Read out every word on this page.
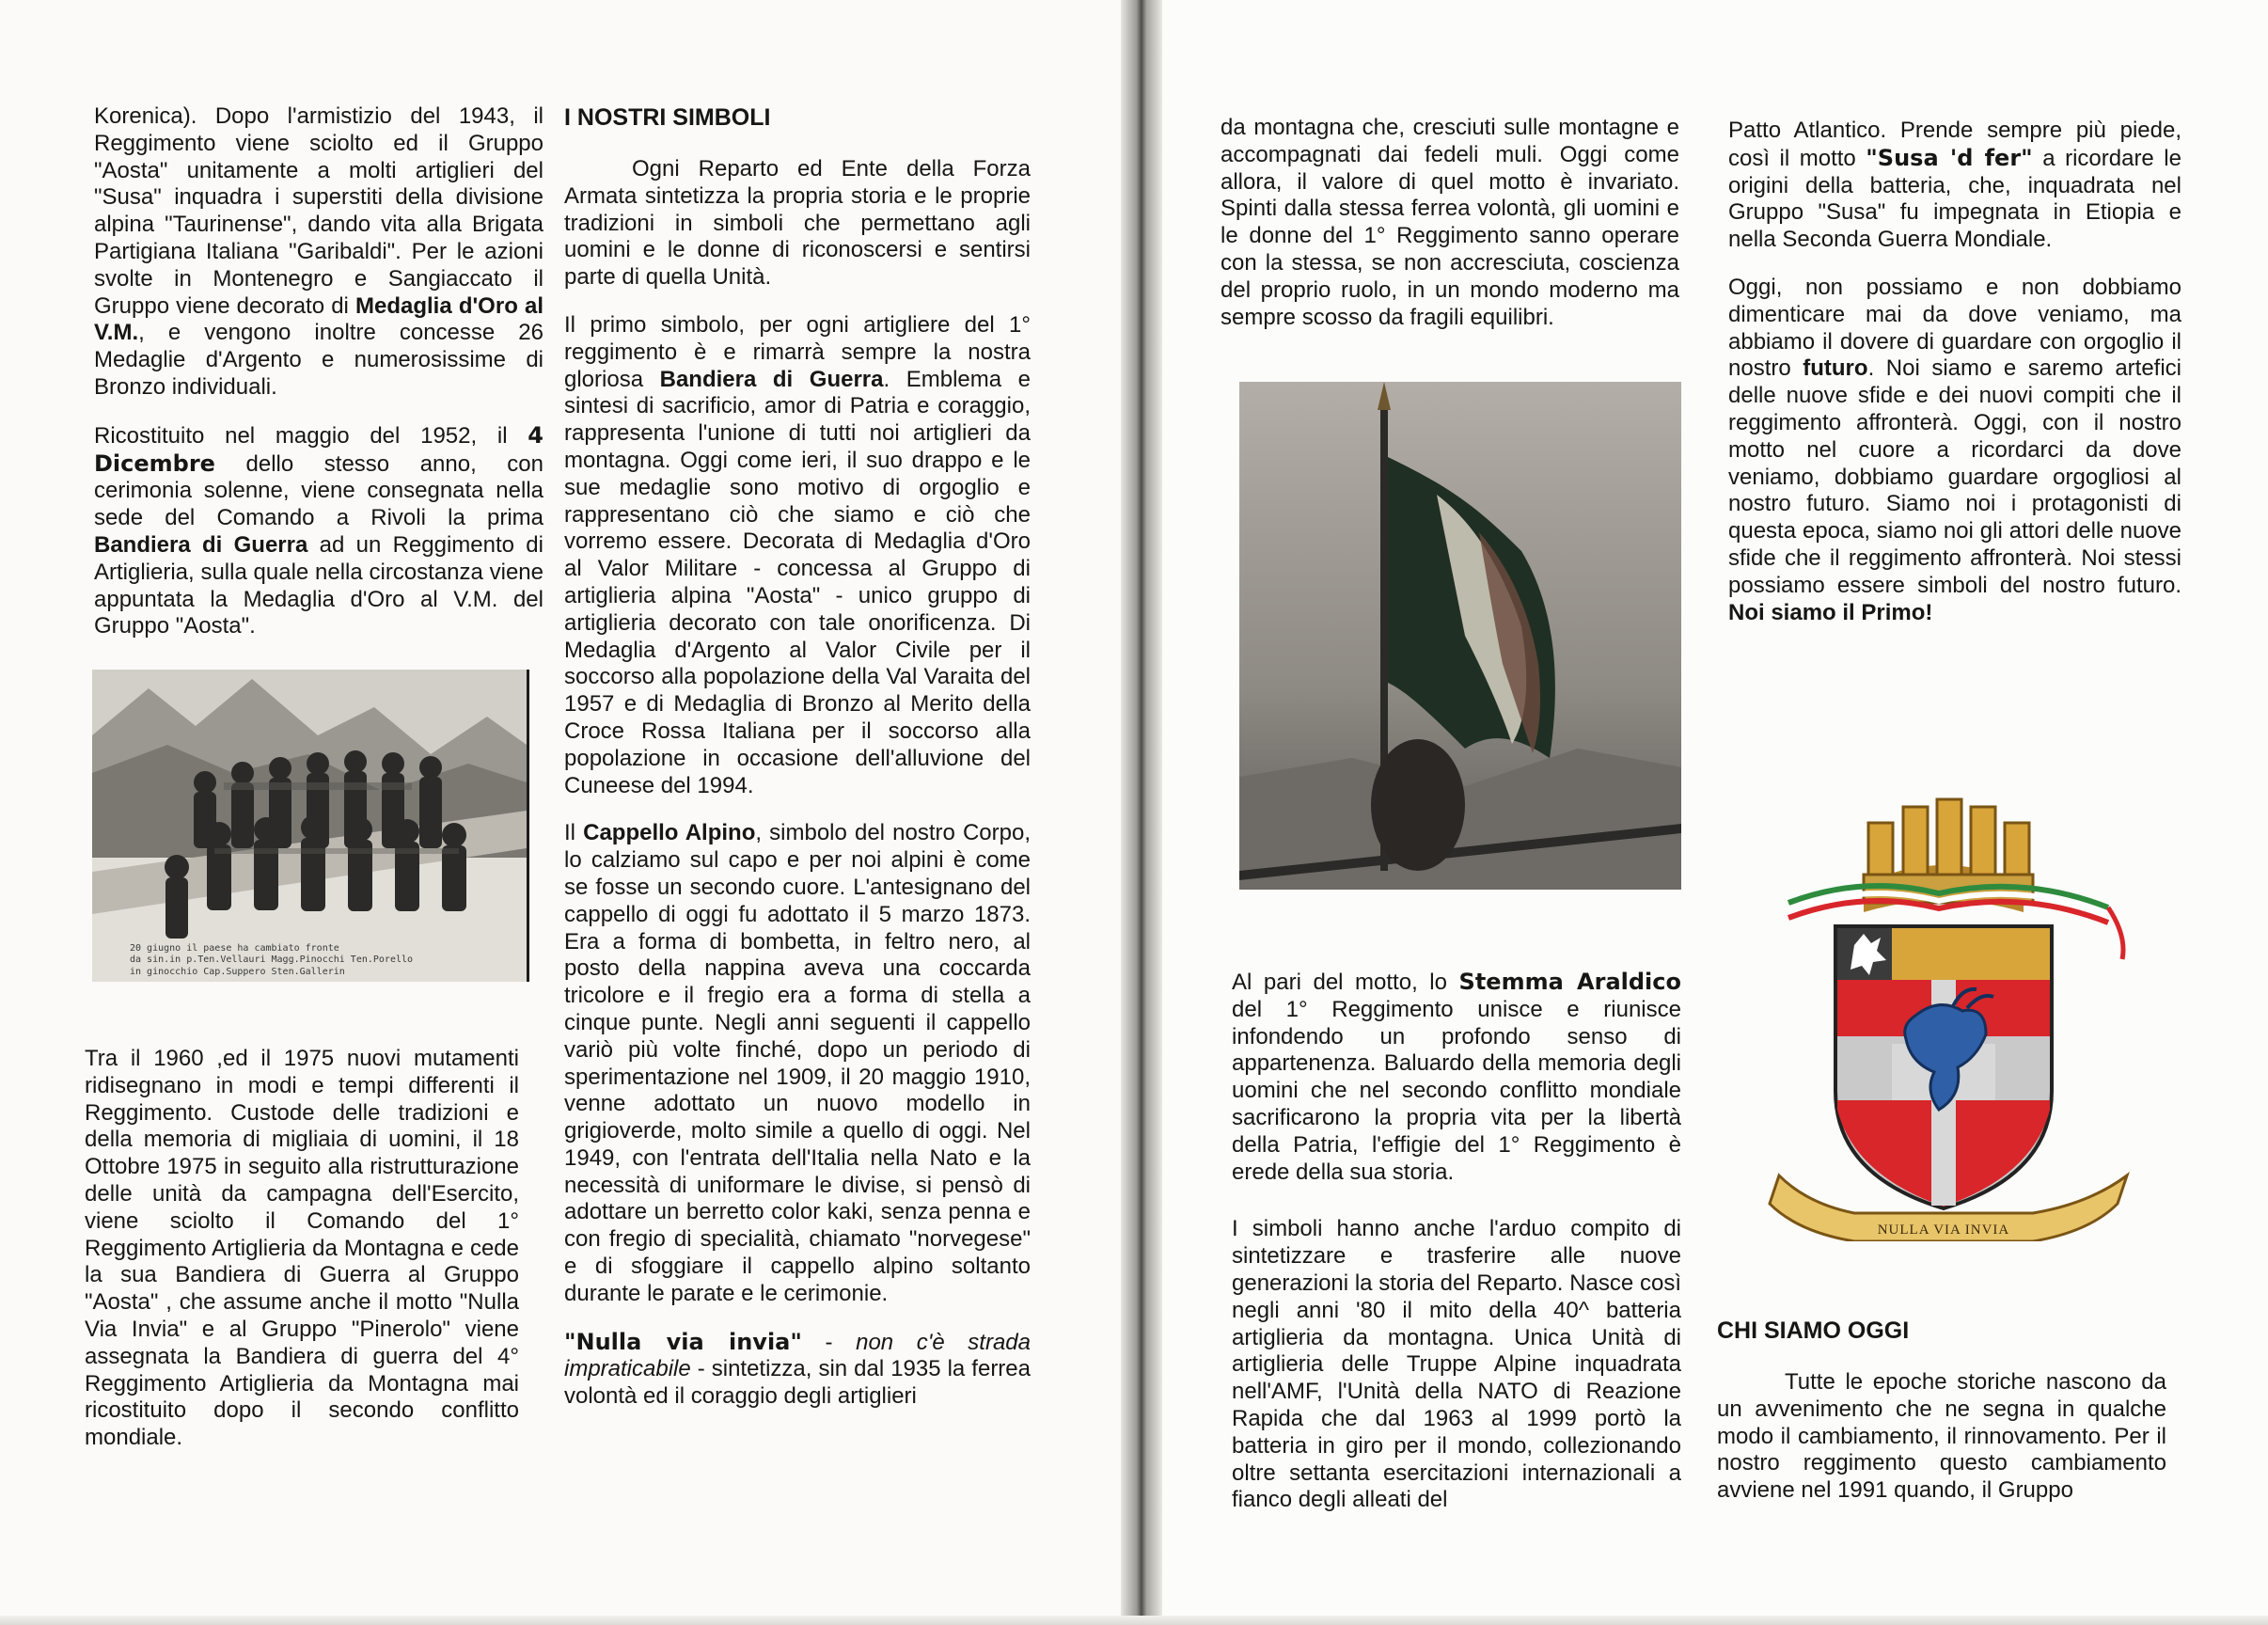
Korenica). Dopo l'armistizio del 1943, il Reggimento viene sciolto ed il Gruppo "Aosta" unitamente a molti artiglieri del "Susa" inquadra i superstiti della divisione alpina "Taurinense", dando vita alla Brigata Partigiana Italiana "Garibaldi". Per le azioni svolte in Montenegro e Sangiaccato il Gruppo viene decorato di Medaglia d'Oro al V.M., e vengono inoltre concesse 26 Medaglie d'Argento e numerosissime di Bronzo individuali.

Ricostituito nel maggio del 1952, il 4 Dicembre dello stesso anno, con cerimonia solenne, viene consegnata nella sede del Comando a Rivoli la prima Bandiera di Guerra ad un Reggimento di Artiglieria, sulla quale nella circostanza viene appuntata la Medaglia d'Oro al V.M. del Gruppo "Aosta".

20 giugno il paese ha cambiato fronte
da sin.in p.Ten.Vellauri Magg.Pinocchi Ten.Porello
in ginocchio Cap.Suppero Sten.Gallerin

Tra il 1960 ,ed il 1975 nuovi mutamenti ridisegnano in modi e tempi differenti il Reggimento. Custode delle tradizioni e della memoria di migliaia di uomini, il 18 Ottobre 1975 in seguito alla ristrutturazione delle unità da campagna dell'Esercito, viene sciolto il Comando del 1° Reggimento Artiglieria da Montagna e cede la sua Bandiera di Guerra al Gruppo "Aosta" , che assume anche il motto "Nulla Via Invia" e al Gruppo "Pinerolo" viene assegnata la Bandiera di guerra del 4° Reggimento Artiglieria da Montagna mai ricostituito dopo il secondo conflitto mondiale.

I NOSTRI SIMBOLI

Ogni Reparto ed Ente della Forza Armata sintetizza la propria storia e le proprie tradizioni in simboli che permettano agli uomini e le donne di riconoscersi e sentirsi parte di quella Unità.

Il primo simbolo, per ogni artigliere del 1° reggimento è e rimarrà sempre la nostra gloriosa Bandiera di Guerra. Emblema e sintesi di sacrificio, amor di Patria e coraggio, rappresenta l'unione di tutti noi artiglieri da montagna. Oggi come ieri, il suo drappo e le sue medaglie sono motivo di orgoglio e rappresentano ciò che siamo e ciò che vorremo essere. Decorata di Medaglia d'Oro al Valor Militare - concessa al Gruppo di artiglieria alpina "Aosta" - unico gruppo di artiglieria decorato con tale onorificenza. Di Medaglia d'Argento al Valor Civile per il soccorso alla popolazione della Val Varaita del 1957 e di Medaglia di Bronzo al Merito della Croce Rossa Italiana per il soccorso alla popolazione in occasione dell'alluvione del Cuneese del 1994.

Il Cappello Alpino, simbolo del nostro Corpo, lo calziamo sul capo e per noi alpini è come se fosse un secondo cuore. L'antesignano del cappello di oggi fu adottato il 5 marzo 1873. Era a forma di bombetta, in feltro nero, al posto della nappina aveva una coccarda tricolore e il fregio era a forma di stella a cinque punte. Negli anni seguenti il cappello variò più volte finché, dopo un periodo di sperimentazione nel 1909, il 20 maggio 1910, venne adottato un nuovo modello in grigioverde, molto simile a quello di oggi. Nel 1949, con l'entrata dell'Italia nella Nato e la necessità di uniformare le divise, si pensò di adottare un berretto color kaki, senza penna e con fregio di specialità, chiamato "norvegese" e di sfoggiare il cappello alpino soltanto durante le parate e le cerimonie.

"Nulla via invia" - non c'è strada impraticabile - sintetizza, sin dal 1935 la ferrea volontà ed il coraggio degli artiglieri

da montagna che, cresciuti sulle montagne e accompagnati dai fedeli muli. Oggi come allora, il valore di quel motto è invariato. Spinti dalla stessa ferrea volontà, gli uomini e le donne del 1° Reggimento sanno operare con la stessa, se non accresciuta, coscienza del proprio ruolo, in un mondo moderno ma sempre scosso da fragili equilibri.

Al pari del motto, lo Stemma Araldico del 1° Reggimento unisce e riunisce infondendo un profondo senso di appartenenza. Baluardo della memoria degli uomini che nel secondo conflitto mondiale sacrificarono la propria vita per la libertà della Patria, l'effigie del 1° Reggimento è erede della sua storia.

I simboli hanno anche l'arduo compito di sintetizzare e trasferire alle nuove generazioni la storia del Reparto. Nasce così negli anni '80 il mito della 40^ batteria artiglieria da montagna. Unica Unità di artiglieria delle Truppe Alpine inquadrata nell'AMF, l'Unità della NATO di Reazione Rapida che dal 1963 al 1999 portò la batteria in giro per il mondo, collezionando oltre settanta esercitazioni internazionali a fianco degli alleati del

Patto Atlantico. Prende sempre più piede, così il motto "Susa 'd fer" a ricordare le origini della batteria, che, inquadrata nel Gruppo "Susa" fu impegnata in Etiopia e nella Seconda Guerra Mondiale.

Oggi, non possiamo e non dobbiamo dimenticare mai da dove veniamo, ma abbiamo il dovere di guardare con orgoglio il nostro futuro. Noi siamo e saremo artefici delle nuove sfide e dei nuovi compiti che il reggimento affronterà. Oggi, con il nostro motto nel cuore a ricordarci da dove veniamo, dobbiamo guardare orgogliosi al nostro futuro. Siamo noi i protagonisti di questa epoca, siamo noi gli attori delle nuove sfide che il reggimento affronterà. Noi stessi possiamo essere simboli del nostro futuro. Noi siamo il Primo!

NULLA VIA INVIA
CHI SIAMO OGGI

Tutte le epoche storiche nascono da un avvenimento che ne segna in qualche modo il cambiamento, il rinnovamento. Per il nostro reggimento questo cambiamento avviene nel 1991 quando, il Gruppo
